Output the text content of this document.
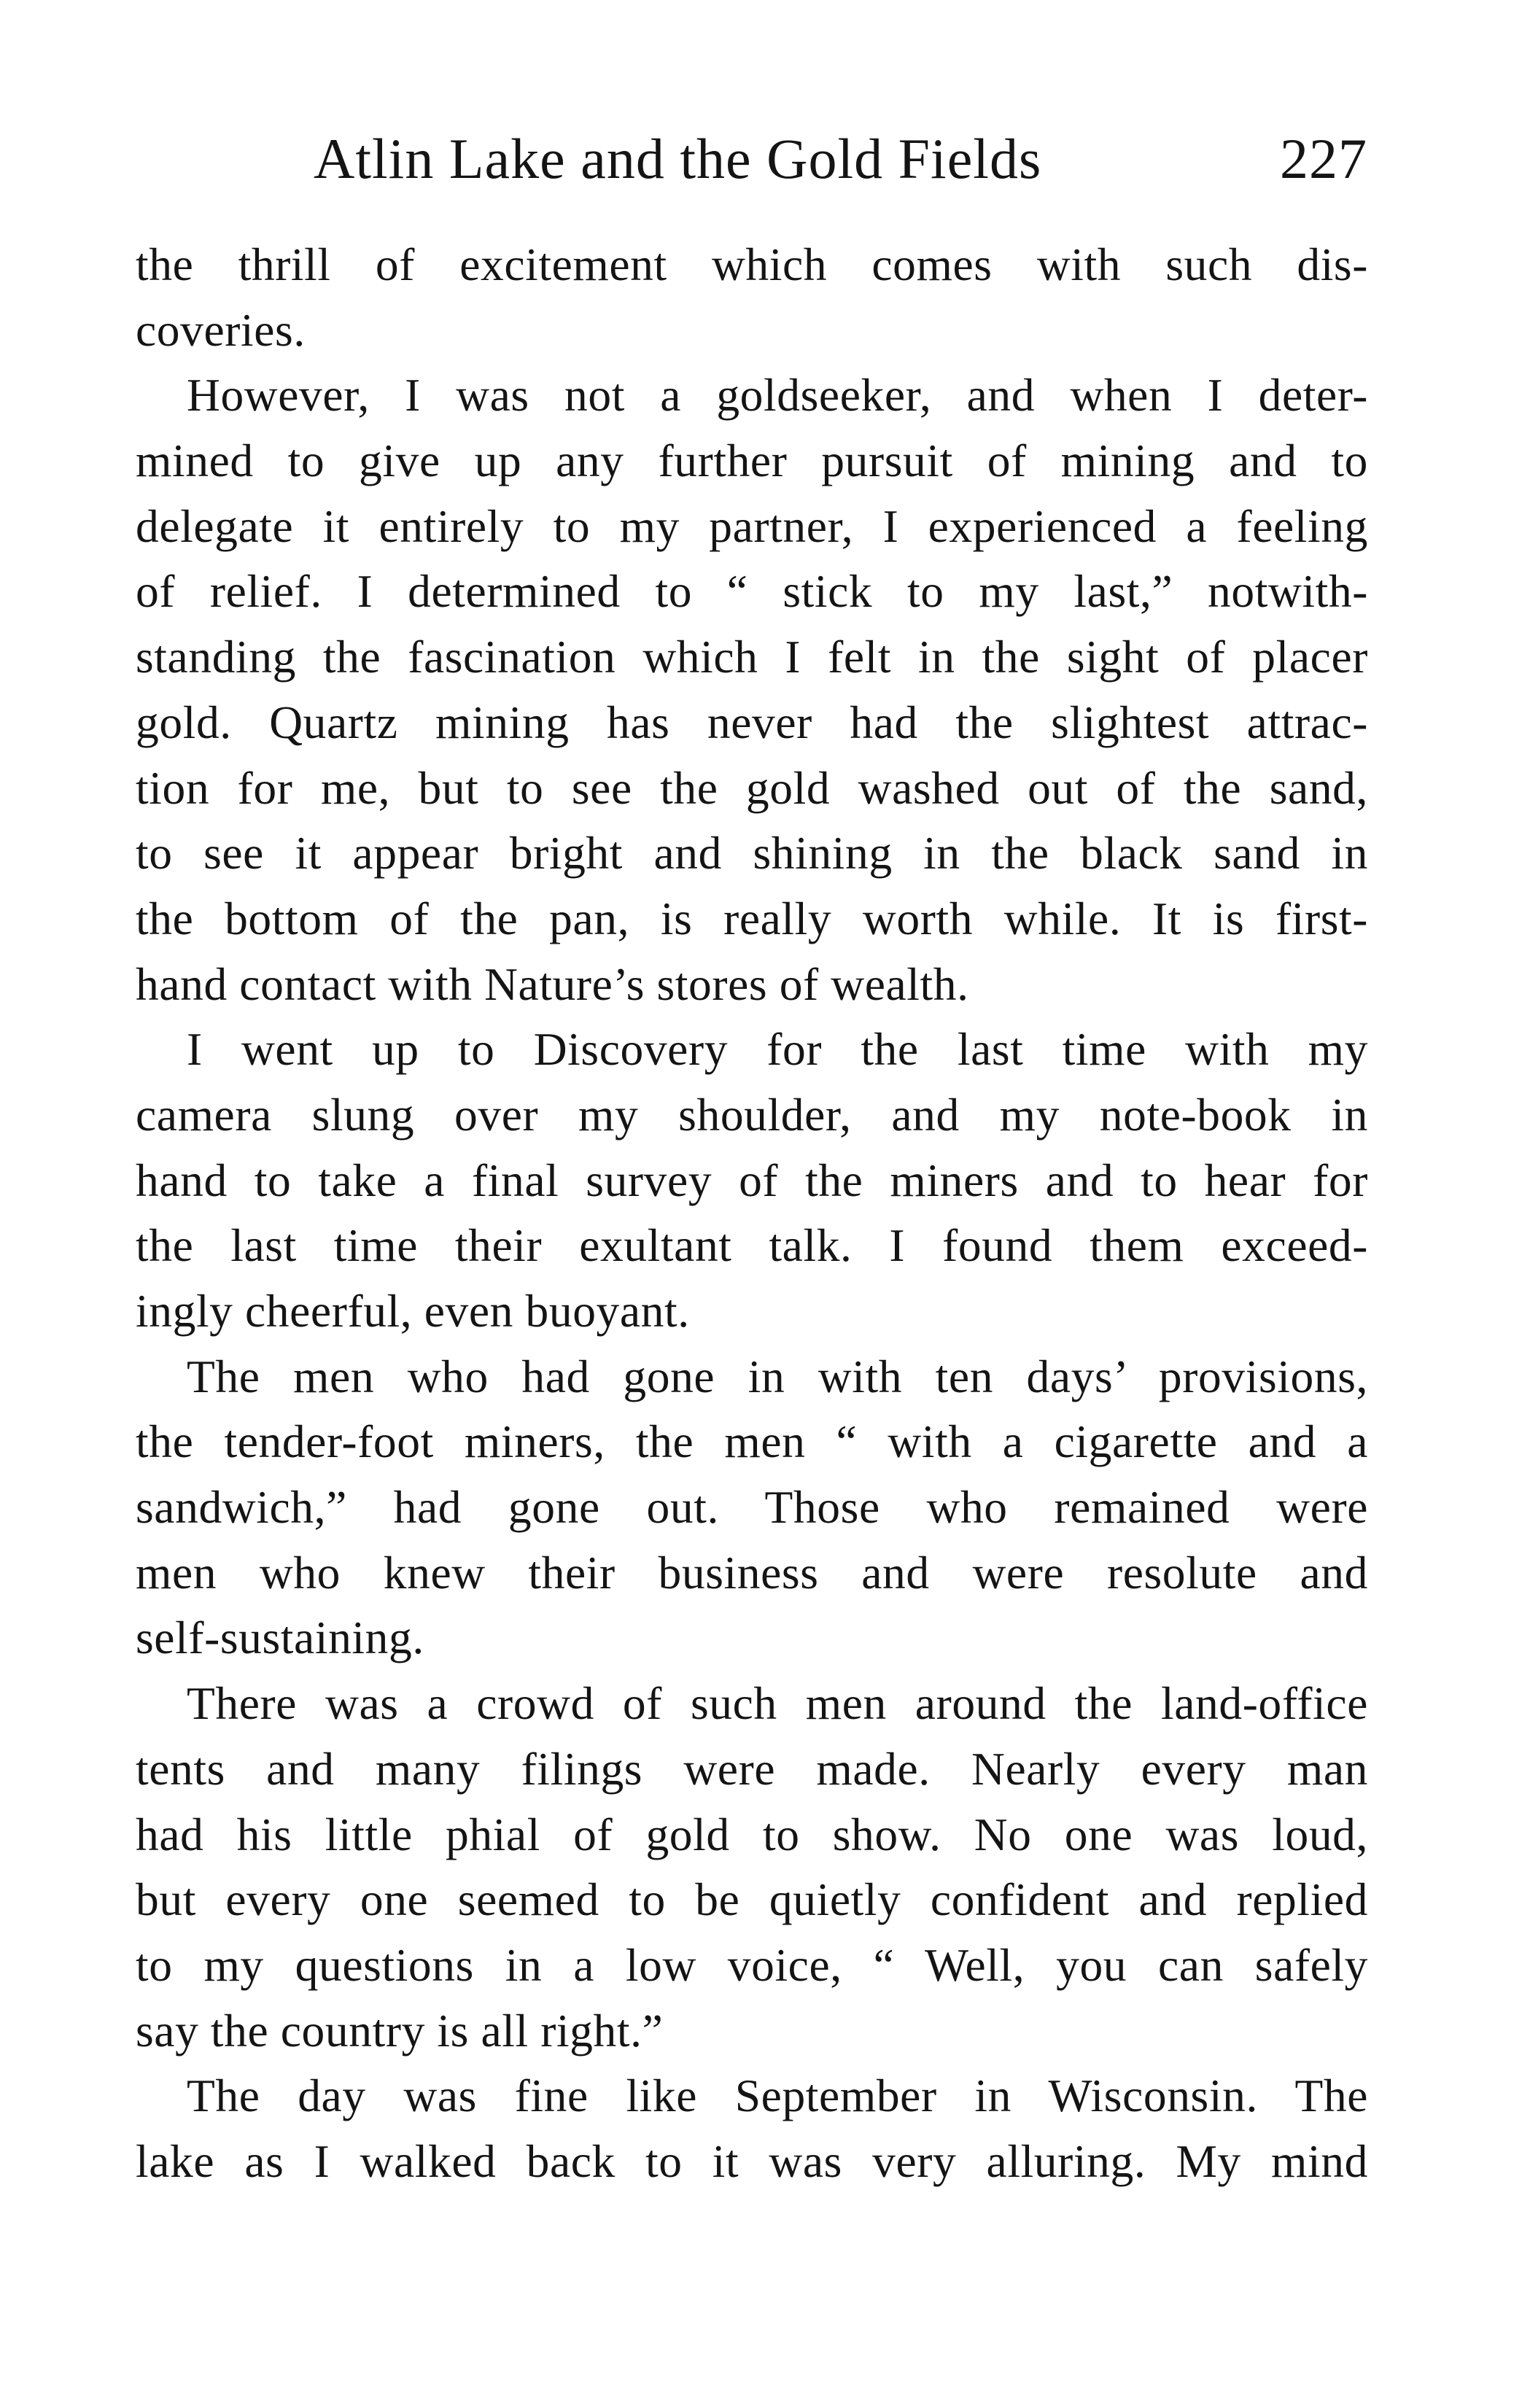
Atlin Lake and the Gold Fields	227
the thrill of excitement which comes with such dis-
coveries.
However, I was not a goldseeker, and when I deter-
mined to give up any further pursuit of mining and to
delegate it entirely to my partner, I experienced a feeling
of relief. I determined to “ stick to my last,” notwith-
standing the fascination which I felt in the sight of placer
gold. Quartz mining has never had the slightest attrac-
tion for me, but to see the gold washed out of the sand,
to see it appear bright and shining in the black sand in
the bottom of the pan, is really worth while. It is first-
hand contact with Nature’s stores of wealth.
I went up to Discovery for the last time with my
camera slung over my shoulder, and my note-book in
hand to take a final survey of the miners and to hear for
the last time their exultant talk. I found them exceed-
ingly cheerful, even buoyant.
The men who had gone in with ten days’ provisions,
the tender-foot miners, the men “ with a cigarette and a
sandwich,” had gone out. Those who remained were
men who knew their business and were resolute and
self-sustaining.
There was a crowd of such men around the land-office
tents and many filings were made. Nearly every man
had his little phial of gold to show. No one was loud,
but every one seemed to be quietly confident and replied
to my questions in a low voice, “ Well, you can safely
say the country is all right.”
The day was fine like September in Wisconsin. The
lake as I walked back to it was very alluring. My mind
